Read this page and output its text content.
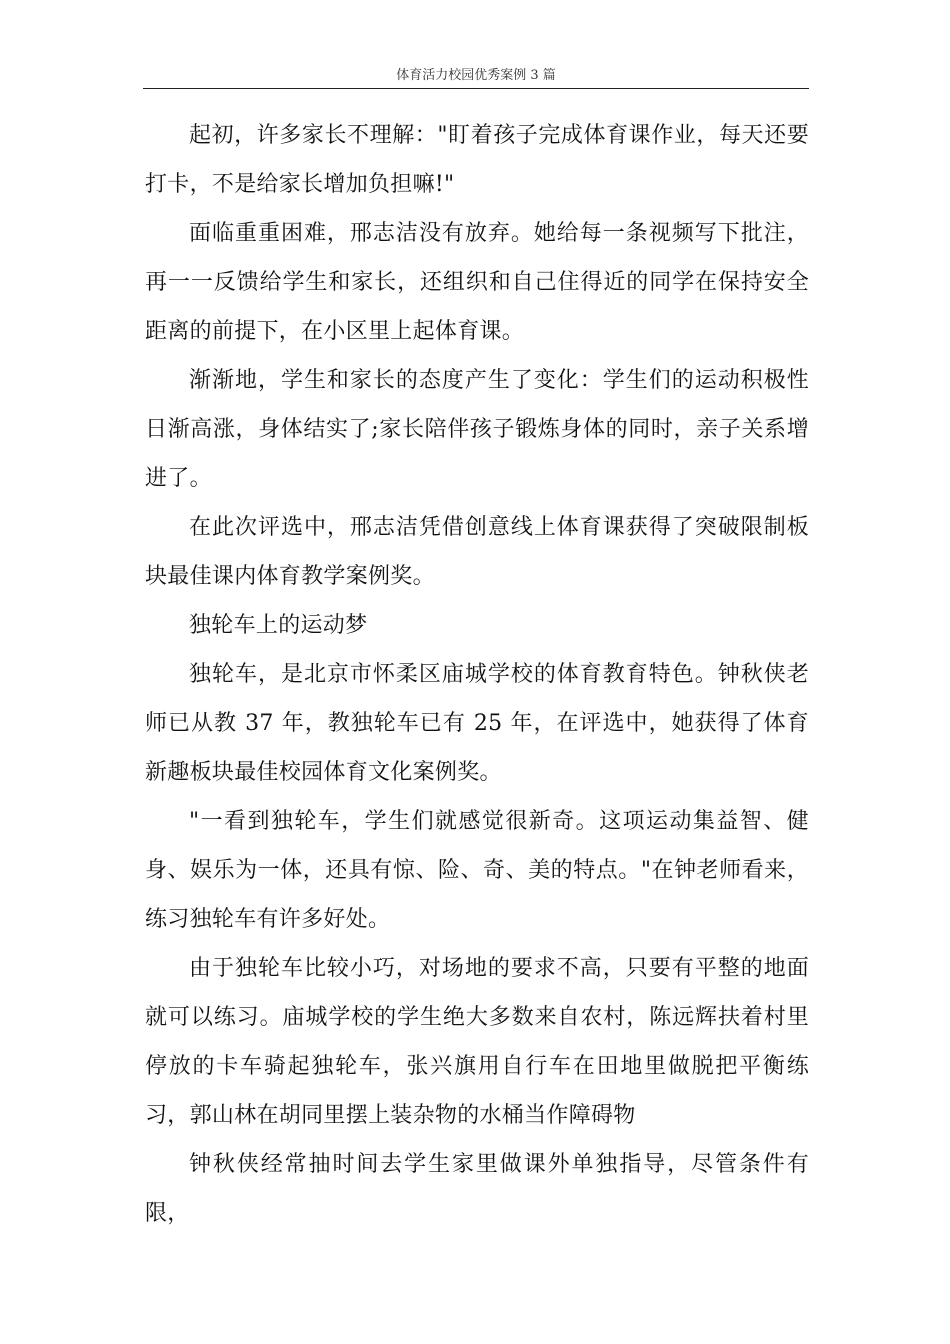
体育活力校园优秀案例 3 篇

起初，许多家长不理解："盯着孩子完成体育课作业，每天还要打卡，不是给家长增加负担嘛!"

面临重重困难，邢志洁没有放弃。她给每一条视频写下批注，再一一反馈给学生和家长，还组织和自己住得近的同学在保持安全距离的前提下，在小区里上起体育课。

渐渐地，学生和家长的态度产生了变化：学生们的运动积极性日渐高涨，身体结实了;家长陪伴孩子锻炼身体的同时，亲子关系增进了。

在此次评选中，邢志洁凭借创意线上体育课获得了突破限制板块最佳课内体育教学案例奖。

独轮车上的运动梦

独轮车，是北京市怀柔区庙城学校的体育教育特色。钟秋侠老师已从教 37 年，教独轮车已有 25 年，在评选中，她获得了体育新趣板块最佳校园体育文化案例奖。

"一看到独轮车，学生们就感觉很新奇。这项运动集益智、健身、娱乐为一体，还具有惊、险、奇、美的特点。"在钟老师看来，练习独轮车有许多好处。

由于独轮车比较小巧，对场地的要求不高，只要有平整的地面就可以练习。庙城学校的学生绝大多数来自农村，陈远辉扶着村里停放的卡车骑起独轮车，张兴旗用自行车在田地里做脱把平衡练习，郭山林在胡同里摆上装杂物的水桶当作障碍物

钟秋侠经常抽时间去学生家里做课外单独指导，尽管条件有限，
